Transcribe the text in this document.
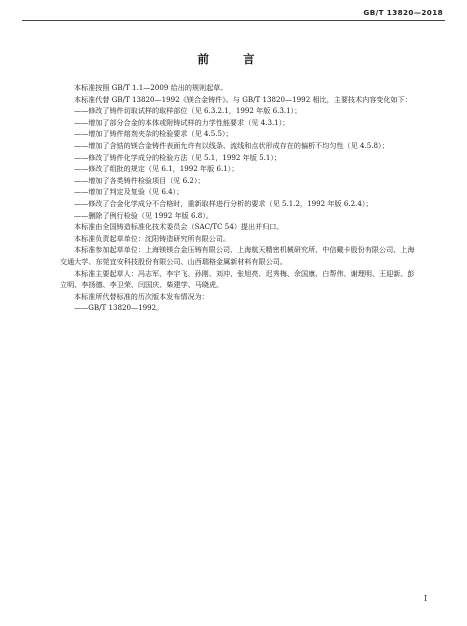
GB/T 13820—2018
前 言

本标准按照 GB/T 1.1—2009 给出的规则起草。

本标准代替 GB/T 13820—1992《镁合金铸件》。与 GB/T 13820—1992 相比，主要技术内容变化如下：

——修改了铸件切取试样的取样部位（见 6.3.2.1，1992 年版 6.3.1）；

——增加了部分合金的本体或附铸试样的力学性能要求（见 4.3.1）；

——增加了铸件熔剂夹杂的检验要求（见 4.5.5）；

——增加了含锆的镁合金铸件表面允许有以线条、流线和点状形成存在的偏析不均匀性（见 4.5.8）；

——修改了铸件化学成分的检验方法（见 5.1，1992 年版 5.1）；

——修改了组批的规定（见 6.1，1992 年版 6.1）；

——增加了各类铸件检验项目（见 6.2）；

——增加了判定及复验（见 6.4）；

——修改了合金化学成分不合格时，重新取样进行分析的要求（见 5.1.2，1992 年版 6.2.4）；

——删除了例行检验（见 1992 年版 6.8）。

本标准由全国铸造标准化技术委员会（SAC/TC 54）提出并归口。

本标准负责起草单位：沈阳铸造研究所有限公司。

本标准参加起草单位：上海镁镁合金压铸有限公司、上海航天精密机械研究所、中信戴卡股份有限公司、上海交通大学、东莞宜安科技股份有限公司、山西瑞格金属新材料有限公司。

本标准主要起草人：冯志军、李宇飞、孙刚、刘冲、张旭亮、迟秀梅、余国康、白帮伟、谢理明、王迎新、彭立明、李扬德、李卫荣、闫国庆、柴建学、马晓虎。

本标准所代替标准的历次版本发布情况为：

——GB/T 13820—1992。

I
